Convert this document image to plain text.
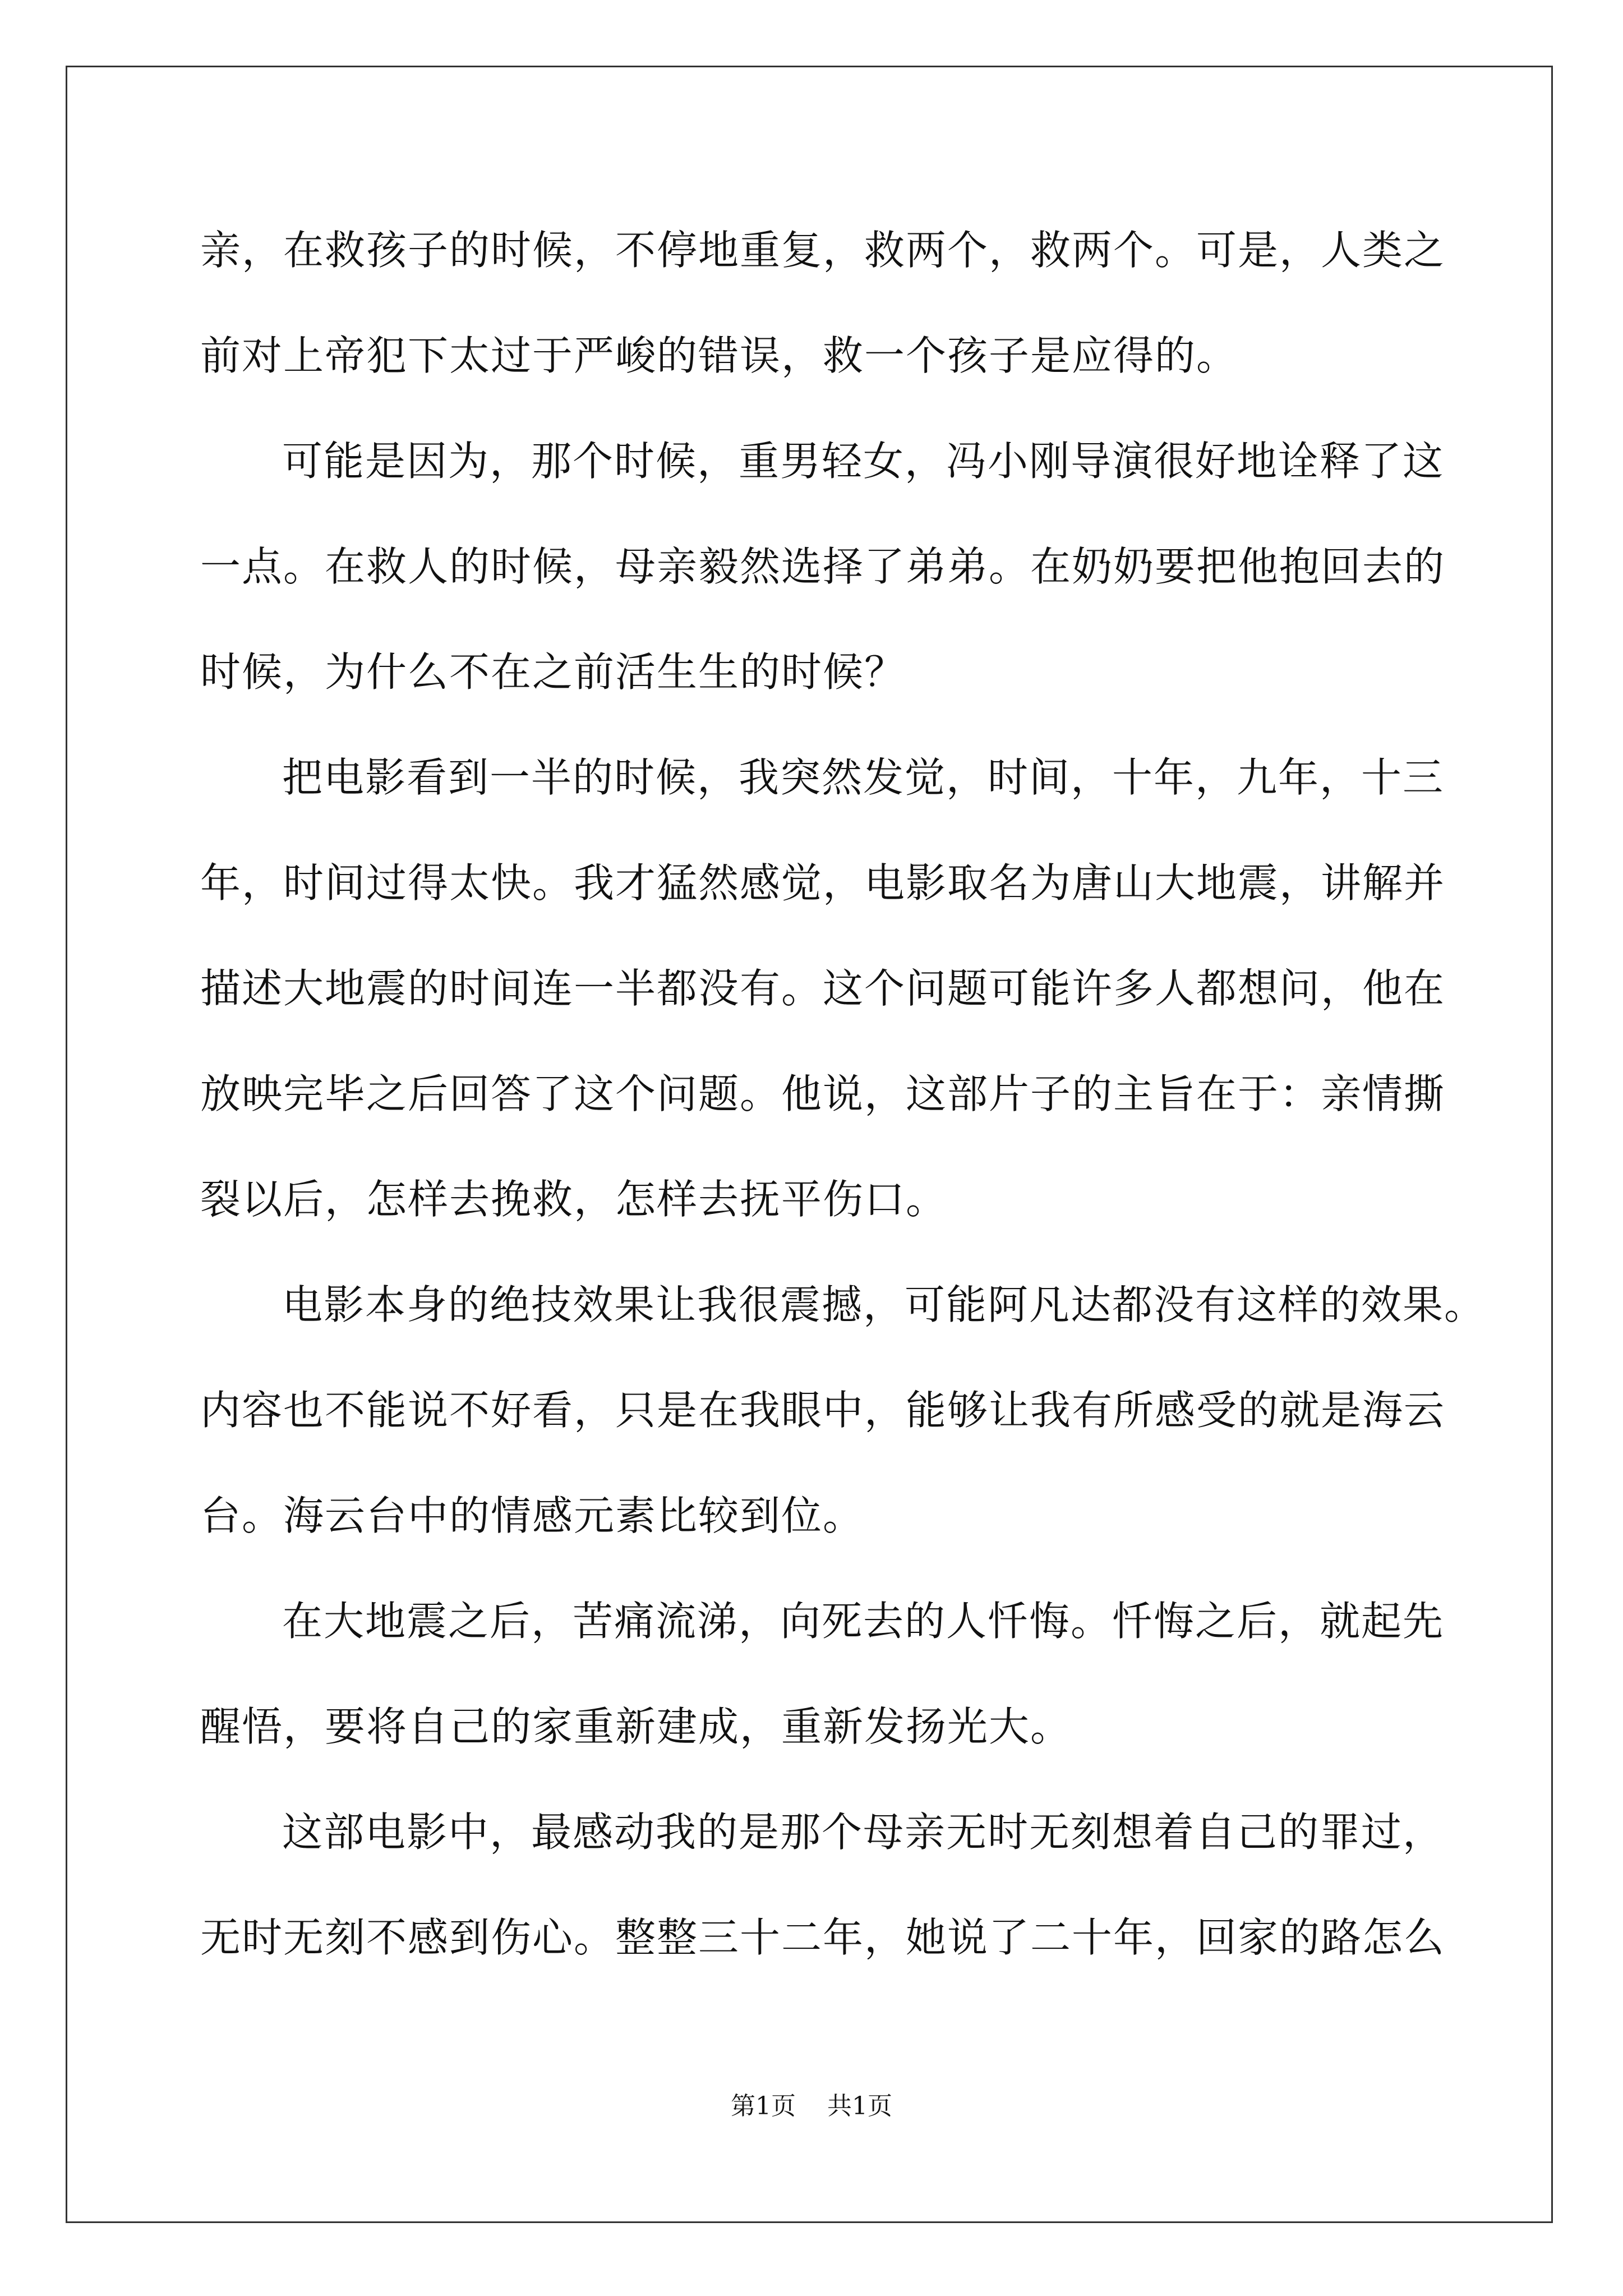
亲，在救孩子的时候，不停地重复，救两个，救两个。可是，人类之
前对上帝犯下太过于严峻的错误，救一个孩子是应得的。
可能是因为，那个时候，重男轻女，冯小刚导演很好地诠释了这
一点。在救人的时候，母亲毅然选择了弟弟。在奶奶要把他抱回去的
时候，为什么不在之前活生生的时候？
把电影看到一半的时候，我突然发觉，时间，十年，九年，十三
年，时间过得太快。我才猛然感觉，电影取名为唐山大地震，讲解并
描述大地震的时间连一半都没有。这个问题可能许多人都想问，他在
放映完毕之后回答了这个问题。他说，这部片子的主旨在于：亲情撕
裂以后，怎样去挽救，怎样去抚平伤口。
电影本身的绝技效果让我很震撼，可能阿凡达都没有这样的效果。
内容也不能说不好看，只是在我眼中，能够让我有所感受的就是海云
台。海云台中的情感元素比较到位。
在大地震之后，苦痛流涕，向死去的人忏悔。忏悔之后，就起先
醒悟，要将自己的家重新建成，重新发扬光大。
这部电影中，最感动我的是那个母亲无时无刻想着自己的罪过，
无时无刻不感到伤心。整整三十二年，她说了二十年，回家的路怎么
第1页 共1页
